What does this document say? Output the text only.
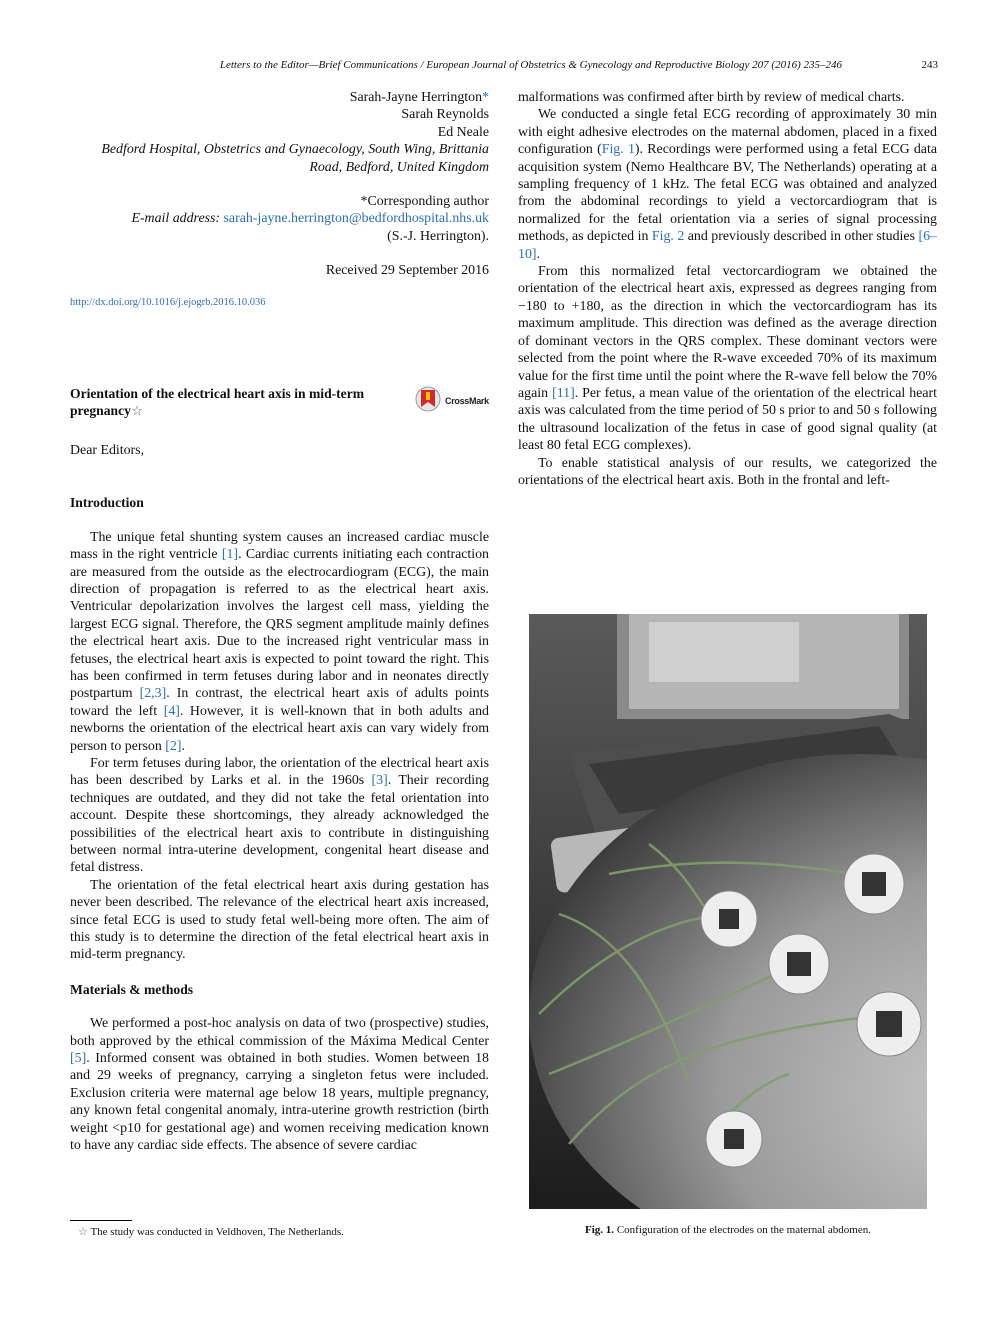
Letters to the Editor—Brief Communications / European Journal of Obstetrics & Gynecology and Reproductive Biology 207 (2016) 235–246	243
Sarah-Jayne Herrington*
Sarah Reynolds
Ed Neale
Bedford Hospital, Obstetrics and Gynaecology, South Wing, Brittania Road, Bedford, United Kingdom
*Corresponding author
E-mail address: sarah-jayne.herrington@bedfordhospital.nhs.uk
(S.-J. Herrington).
Received 29 September 2016
http://dx.doi.org/10.1016/j.ejogrb.2016.10.036
Orientation of the electrical heart axis in mid-term pregnancy☆
CrossMark

Dear Editors,

Introduction

The unique fetal shunting system causes an increased cardiac muscle mass in the right ventricle [1]. Cardiac currents initiating each contraction are measured from the outside as the electrocardiogram (ECG), the main direction of propagation is referred to as the electrical heart axis. Ventricular depolarization involves the largest cell mass, yielding the largest ECG signal. Therefore, the QRS segment amplitude mainly defines the electrical heart axis. Due to the increased right ventricular mass in fetuses, the electrical heart axis is expected to point toward the right. This has been confirmed in term fetuses during labor and in neonates directly postpartum [2,3]. In contrast, the electrical heart axis of adults points toward the left [4]. However, it is well-known that in both adults and newborns the orientation of the electrical heart axis can vary widely from person to person [2].

For term fetuses during labor, the orientation of the electrical heart axis has been described by Larks et al. in the 1960s [3]. Their recording techniques are outdated, and they did not take the fetal orientation into account. Despite these shortcomings, they already acknowledged the possibilities of the electrical heart axis to contribute in distinguishing between normal intra-uterine development, congenital heart disease and fetal distress.

The orientation of the fetal electrical heart axis during gestation has never been described. The relevance of the electrical heart axis increased, since fetal ECG is used to study fetal well-being more often. The aim of this study is to determine the direction of the fetal electrical heart axis in mid-term pregnancy.

Materials & methods

We performed a post-hoc analysis on data of two (prospective) studies, both approved by the ethical commission of the Máxima Medical Center [5]. Informed consent was obtained in both studies. Women between 18 and 29 weeks of pregnancy, carrying a singleton fetus were included. Exclusion criteria were maternal age below 18 years, multiple pregnancy, any known fetal congenital anomaly, intra-uterine growth restriction (birth weight <p10 for gestational age) and women receiving medication known to have any cardiac side effects. The absence of severe cardiac

☆ The study was conducted in Veldhoven, The Netherlands.

malformations was confirmed after birth by review of medical charts.

We conducted a single fetal ECG recording of approximately 30 min with eight adhesive electrodes on the maternal abdomen, placed in a fixed configuration (Fig. 1). Recordings were performed using a fetal ECG data acquisition system (Nemo Healthcare BV, The Netherlands) operating at a sampling frequency of 1 kHz. The fetal ECG was obtained and analyzed from the abdominal recordings to yield a vectorcardiogram that is normalized for the fetal orientation via a series of signal processing methods, as depicted in Fig. 2 and previously described in other studies [6–10].

From this normalized fetal vectorcardiogram we obtained the orientation of the electrical heart axis, expressed as degrees ranging from −180 to +180, as the direction in which the vectorcardiogram has its maximum amplitude. This direction was defined as the average direction of dominant vectors in the QRS complex. These dominant vectors were selected from the point where the R-wave exceeded 70% of its maximum value for the first time until the point where the R-wave fell below the 70% again [11]. Per fetus, a mean value of the orientation of the electrical heart axis was calculated from the time period of 50 s prior to and 50 s following the ultrasound localization of the fetus in case of good signal quality (at least 80 fetal ECG complexes).

To enable statistical analysis of our results, we categorized the orientations of the electrical heart axis. Both in the frontal and left-

Fig. 1. Configuration of the electrodes on the maternal abdomen.
